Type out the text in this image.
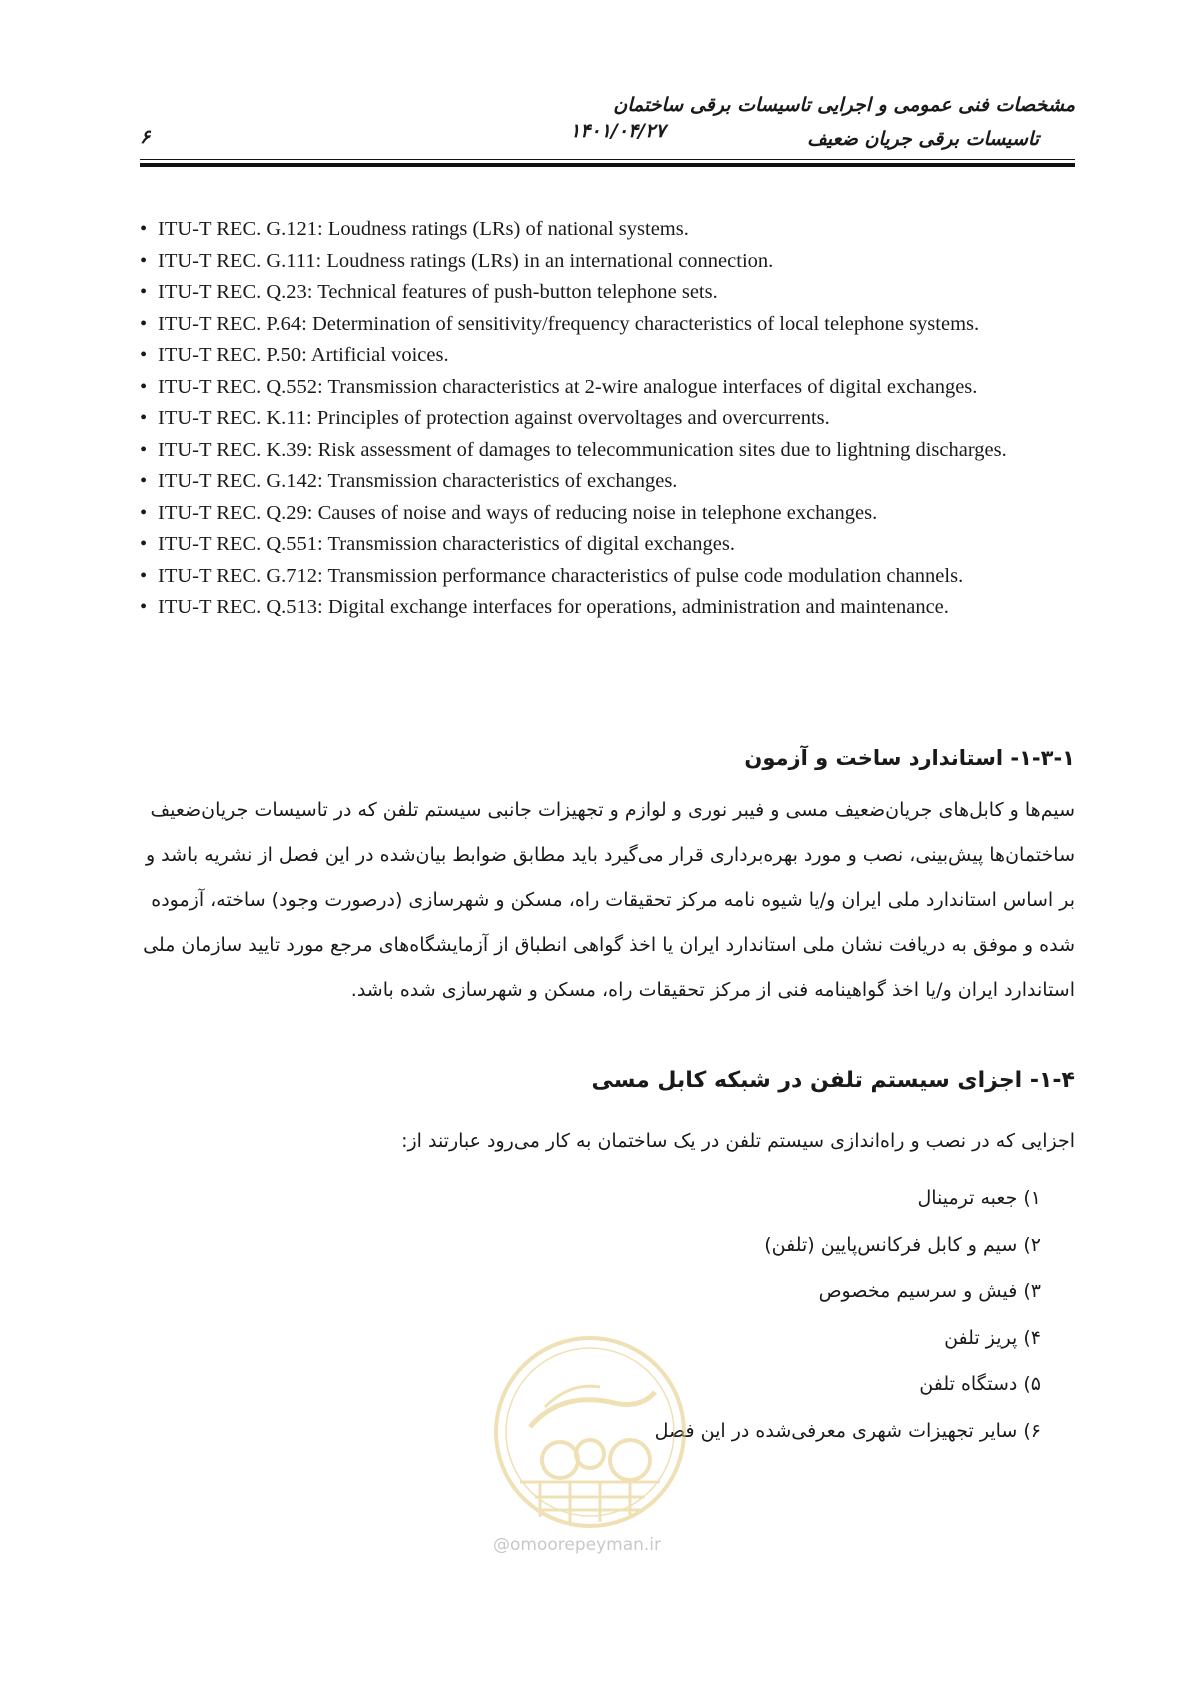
مشخصات فنی عمومی و اجرایی تاسیسات برقی ساختمان
تاسیسات برقی جریان ضعیف
۱۴۰۱/۰۴/۲۷
۶
• ITU-T REC. G.121: Loudness ratings (LRs) of national systems.
• ITU-T REC. G.111: Loudness ratings (LRs) in an international connection.
• ITU-T REC. Q.23: Technical features of push-button telephone sets.
• ITU-T REC. P.64: Determination of sensitivity/frequency characteristics of local telephone systems.
• ITU-T REC. P.50: Artificial voices.
• ITU-T REC. Q.552: Transmission characteristics at 2-wire analogue interfaces of digital exchanges.
• ITU-T REC. K.11: Principles of protection against overvoltages and overcurrents.
• ITU-T REC. K.39: Risk assessment of damages to telecommunication sites due to lightning discharges.
• ITU-T REC. G.142: Transmission characteristics of exchanges.
• ITU-T REC. Q.29: Causes of noise and ways of reducing noise in telephone exchanges.
• ITU-T REC. Q.551: Transmission characteristics of digital exchanges.
• ITU-T REC. G.712: Transmission performance characteristics of pulse code modulation channels.
• ITU-T REC. Q.513: Digital exchange interfaces for operations, administration and maintenance.
۱-۳-۱- استاندارد ساخت و آزمون
سیم‌ها و کابل‌های جریان‌ضعیف مسی و فیبر نوری و لوازم و تجهیزات جانبی سیستم تلفن که در تاسیسات جریان‌ضعیف
ساختمان‌ها پیش‌بینی، نصب و مورد بهره‌برداری قرار می‌گیرد باید مطابق ضوابط بیان‌شده در این فصل از نشریه باشد و
بر اساس استاندارد ملی ایران و/یا شیوه نامه مرکز تحقیقات راه، مسکن و شهرسازی (درصورت وجود) ساخته، آزموده
شده و موفق به دریافت نشان ملی استاندارد ایران یا اخذ گواهی انطباق از آزمایشگاه‌های مرجع مورد تایید سازمان ملی
استاندارد ایران و/یا اخذ گواهینامه فنی از مرکز تحقیقات راه، مسکن و شهرسازی شده باشد.
۱-۴- اجزای سیستم تلفن در شبکه کابل مسی
اجزایی که در نصب و راه‌اندازی سیستم تلفن در یک ساختمان به کار می‌رود عبارتند از:
۱) جعبه ترمینال
۲) سیم و کابل فرکانس‌پایین (تلفن)
۳) فیش و سرسیم مخصوص
۴) پریز تلفن
۵) دستگاه تلفن
۶) سایر تجهیزات شهری معرفی‌شده در این فصل
@omoorepeyman.ir
